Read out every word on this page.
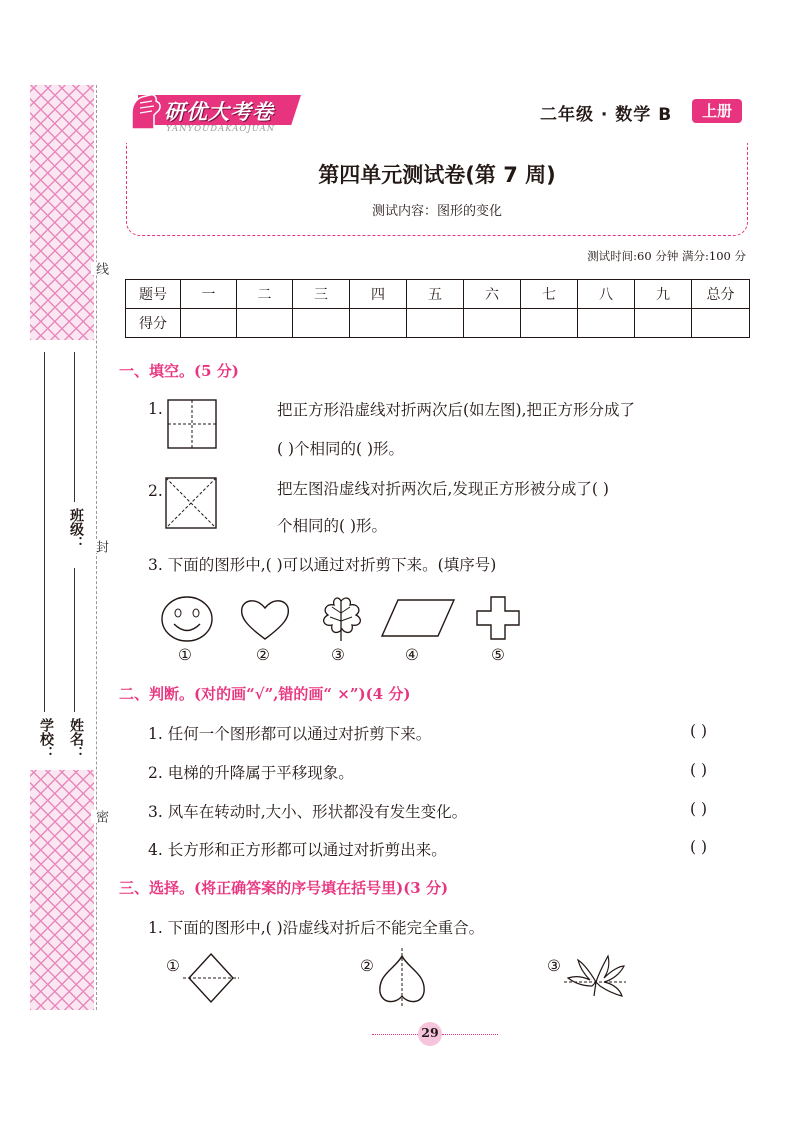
线
封
密
学校： 姓名：
班级：
研优大考卷
YANYOUDAKAOJUAN
二年级 · 数学 B	上册
第四单元测试卷(第 7 周)
测试内容：图形的变化
测试时间:60 分钟 满分:100 分
题号	一	二	三	四	五	六	七	八	九	总分
得分										
一、填空。(5 分)
1.	把正方形沿虚线对折两次后(如左图),把正方形分成了
( )个相同的( )形。
2.	把左图沿虚线对折两次后,发现正方形被分成了( )
个相同的( )形。
3. 下面的图形中,( )可以通过对折剪下来。(填序号)
①	②	③	④	⑤
二、判断。(对的画“√”,错的画“ ×”)(4 分)
1. 任何一个图形都可以通过对折剪下来。	( )
2. 电梯的升降属于平移现象。	( )
3. 风车在转动时,大小、形状都没有发生变化。	( )
4. 长方形和正方形都可以通过对折剪出来。	( )
三、选择。(将正确答案的序号填在括号里)(3 分)
1. 下面的图形中,( )沿虚线对折后不能完全重合。
①	②	③
29
